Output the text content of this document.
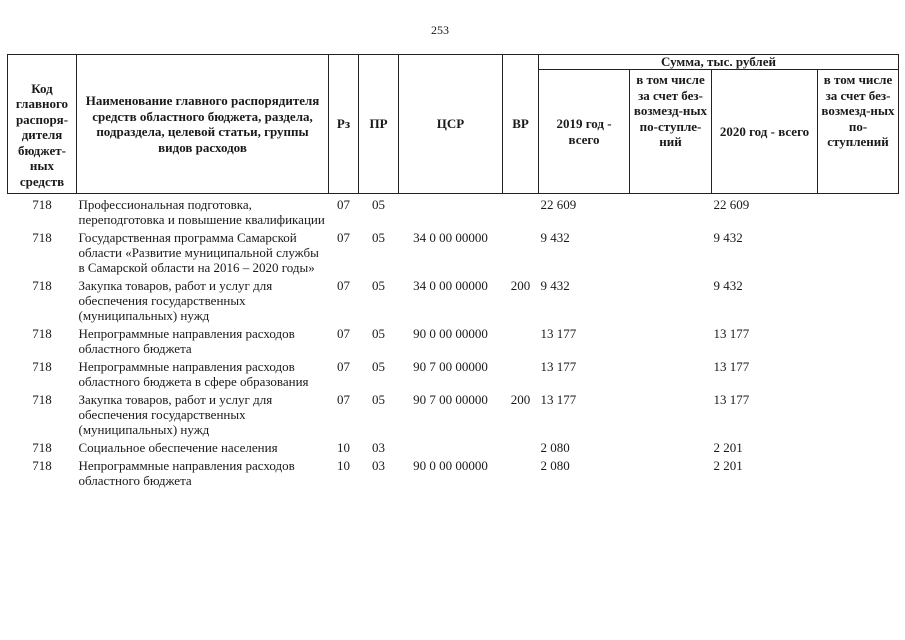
253
Код главного распоря-дителя бюджет-ных средств	Наименование главного распорядителя средств областного бюджета, раздела, подраздела, целевой статьи, группы видов расходов	Рз	ПР	ЦСР	ВР	Сумма, тыс. рублей			
						2019 год - всего	в том числе за счет без-возмезд-ных по-ступле-ний	2020 год - всего	в том числе за счет без-возмезд-ных по-ступлений
718	Профессиональная подготовка, переподготовка и повышение квалификации	07	05			22 609		22 609	
718	Государственная программа Самарской области «Развитие муниципальной службы в Самарской области на 2016 – 2020 годы»	07	05	34 0 00 00000		9 432		9 432	
718	Закупка товаров, работ и услуг для обеспечения государственных (муниципальных) нужд	07	05	34 0 00 00000	200	9 432		9 432	
718	Непрограммные направления расходов областного бюджета	07	05	90 0 00 00000		13 177		13 177	
718	Непрограммные направления расходов областного бюджета в сфере образования	07	05	90 7 00 00000		13 177		13 177	
718	Закупка товаров, работ и услуг для обеспечения государственных (муниципальных) нужд	07	05	90 7 00 00000	200	13 177		13 177	
718	Социальное обеспечение населения	10	03			2 080		2 201	
718	Непрограммные направления расходов областного бюджета	10	03	90 0 00 00000		2 080		2 201	
